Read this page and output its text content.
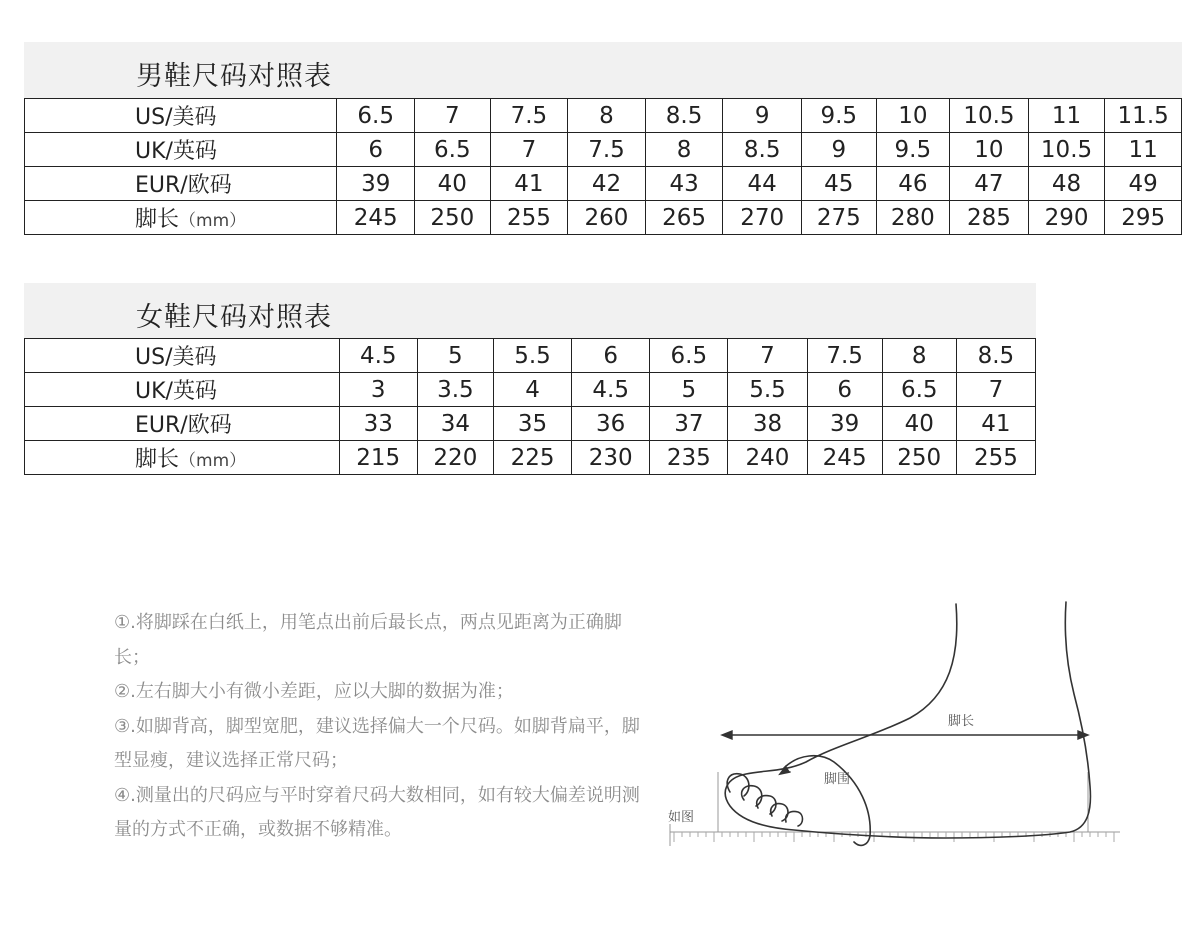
男鞋尺码对照表
US/美码	6.5	7	7.5	8	8.5	9	9.5	10	10.5	11	11.5
UK/英码	6	6.5	7	7.5	8	8.5	9	9.5	10	10.5	11
EUR/欧码	39	40	41	42	43	44	45	46	47	48	49
脚长（mm）	245	250	255	260	265	270	275	280	285	290	295
女鞋尺码对照表
US/美码	4.5	5	5.5	6	6.5	7	7.5	8	8.5
UK/英码	3	3.5	4	4.5	5	5.5	6	6.5	7
EUR/欧码	33	34	35	36	37	38	39	40	41
脚长（mm）	215	220	225	230	235	240	245	250	255

①.将脚踩在白纸上，用笔点出前后最长点，两点见距离为正确脚长；

②.左右脚大小有微小差距，应以大脚的数据为准；

③.如脚背高，脚型宽肥，建议选择偏大一个尺码。如脚背扁平，脚型显瘦，建议选择正常尺码；

④.测量出的尺码应与平时穿着尺码大数相同，如有较大偏差说明测量的方式不正确，或数据不够精准。

脚长
脚围
如图
